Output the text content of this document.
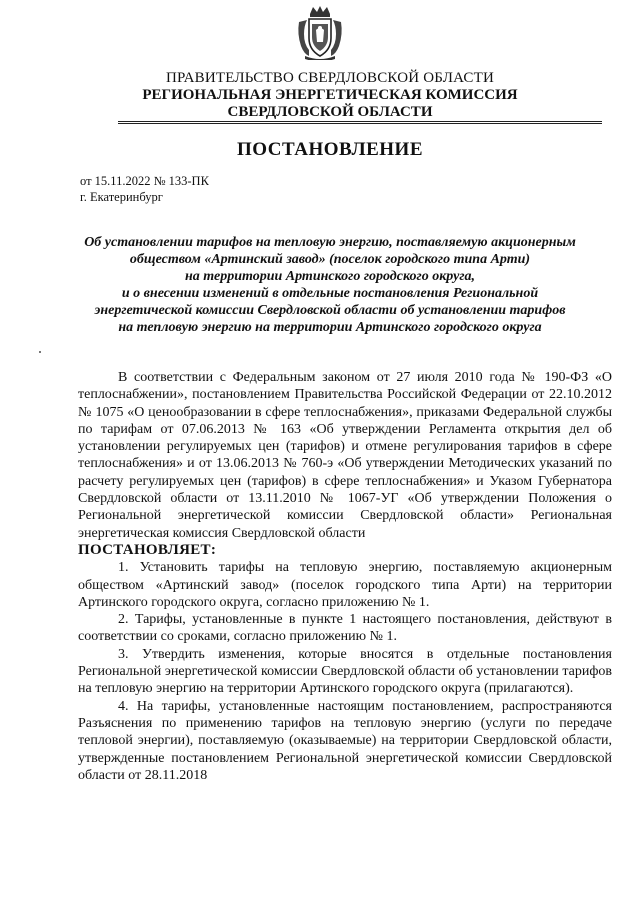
ПРАВИТЕЛЬСТВО СВЕРДЛОВСКОЙ ОБЛАСТИ
РЕГИОНАЛЬНАЯ ЭНЕРГЕТИЧЕСКАЯ КОМИССИЯ
СВЕРДЛОВСКОЙ ОБЛАСТИ
ПОСТАНОВЛЕНИЕ
от 15.11.2022 № 133-ПК
г. Екатеринбург
Об установлении тарифов на тепловую энергию, поставляемую акционерным
обществом «Артинский завод» (поселок городского типа Арти)
на территории Артинского городского округа,
и о внесении изменений в отдельные постановления Региональной
энергетической комиссии Свердловской области об установлении тарифов
на тепловую энергию на территории Артинского городского округа

В соответствии с Федеральным законом от 27 июля 2010 года № 190-ФЗ «О теплоснабжении», постановлением Правительства Российской Федерации от 22.10.2012 № 1075 «О ценообразовании в сфере теплоснабжения», приказами Федеральной службы по тарифам от 07.06.2013 № 163 «Об утверждении Регламента открытия дел об установлении регулируемых цен (тарифов) и отмене регулирования тарифов в сфере теплоснабжения» и от 13.06.2013 № 760-э «Об утверждении Методических указаний по расчету регулируемых цен (тарифов) в сфере теплоснабжения» и Указом Губернатора Свердловской области от 13.11.2010 № 1067-УГ «Об утверждении Положения о Региональной энергетической комиссии Свердловской области» Региональная энергетическая комиссия Свердловской области

ПОСТАНОВЛЯЕТ:

1. Установить тарифы на тепловую энергию, поставляемую акционерным обществом «Артинский завод» (поселок городского типа Арти) на территории Артинского городского округа, согласно приложению № 1.

2. Тарифы, установленные в пункте 1 настоящего постановления, действуют в соответствии со сроками, согласно приложению № 1.

3. Утвердить изменения, которые вносятся в отдельные постановления Региональной энергетической комиссии Свердловской области об установлении тарифов на тепловую энергию на территории Артинского городского округа (прилагаются).

4. На тарифы, установленные настоящим постановлением, распространяются Разъяснения по применению тарифов на тепловую энергию (услуги по передаче тепловой энергии), поставляемую (оказываемые) на территории Свердловской области, утвержденные постановлением Региональной энергетической комиссии Свердловской области от 28.11.2018
